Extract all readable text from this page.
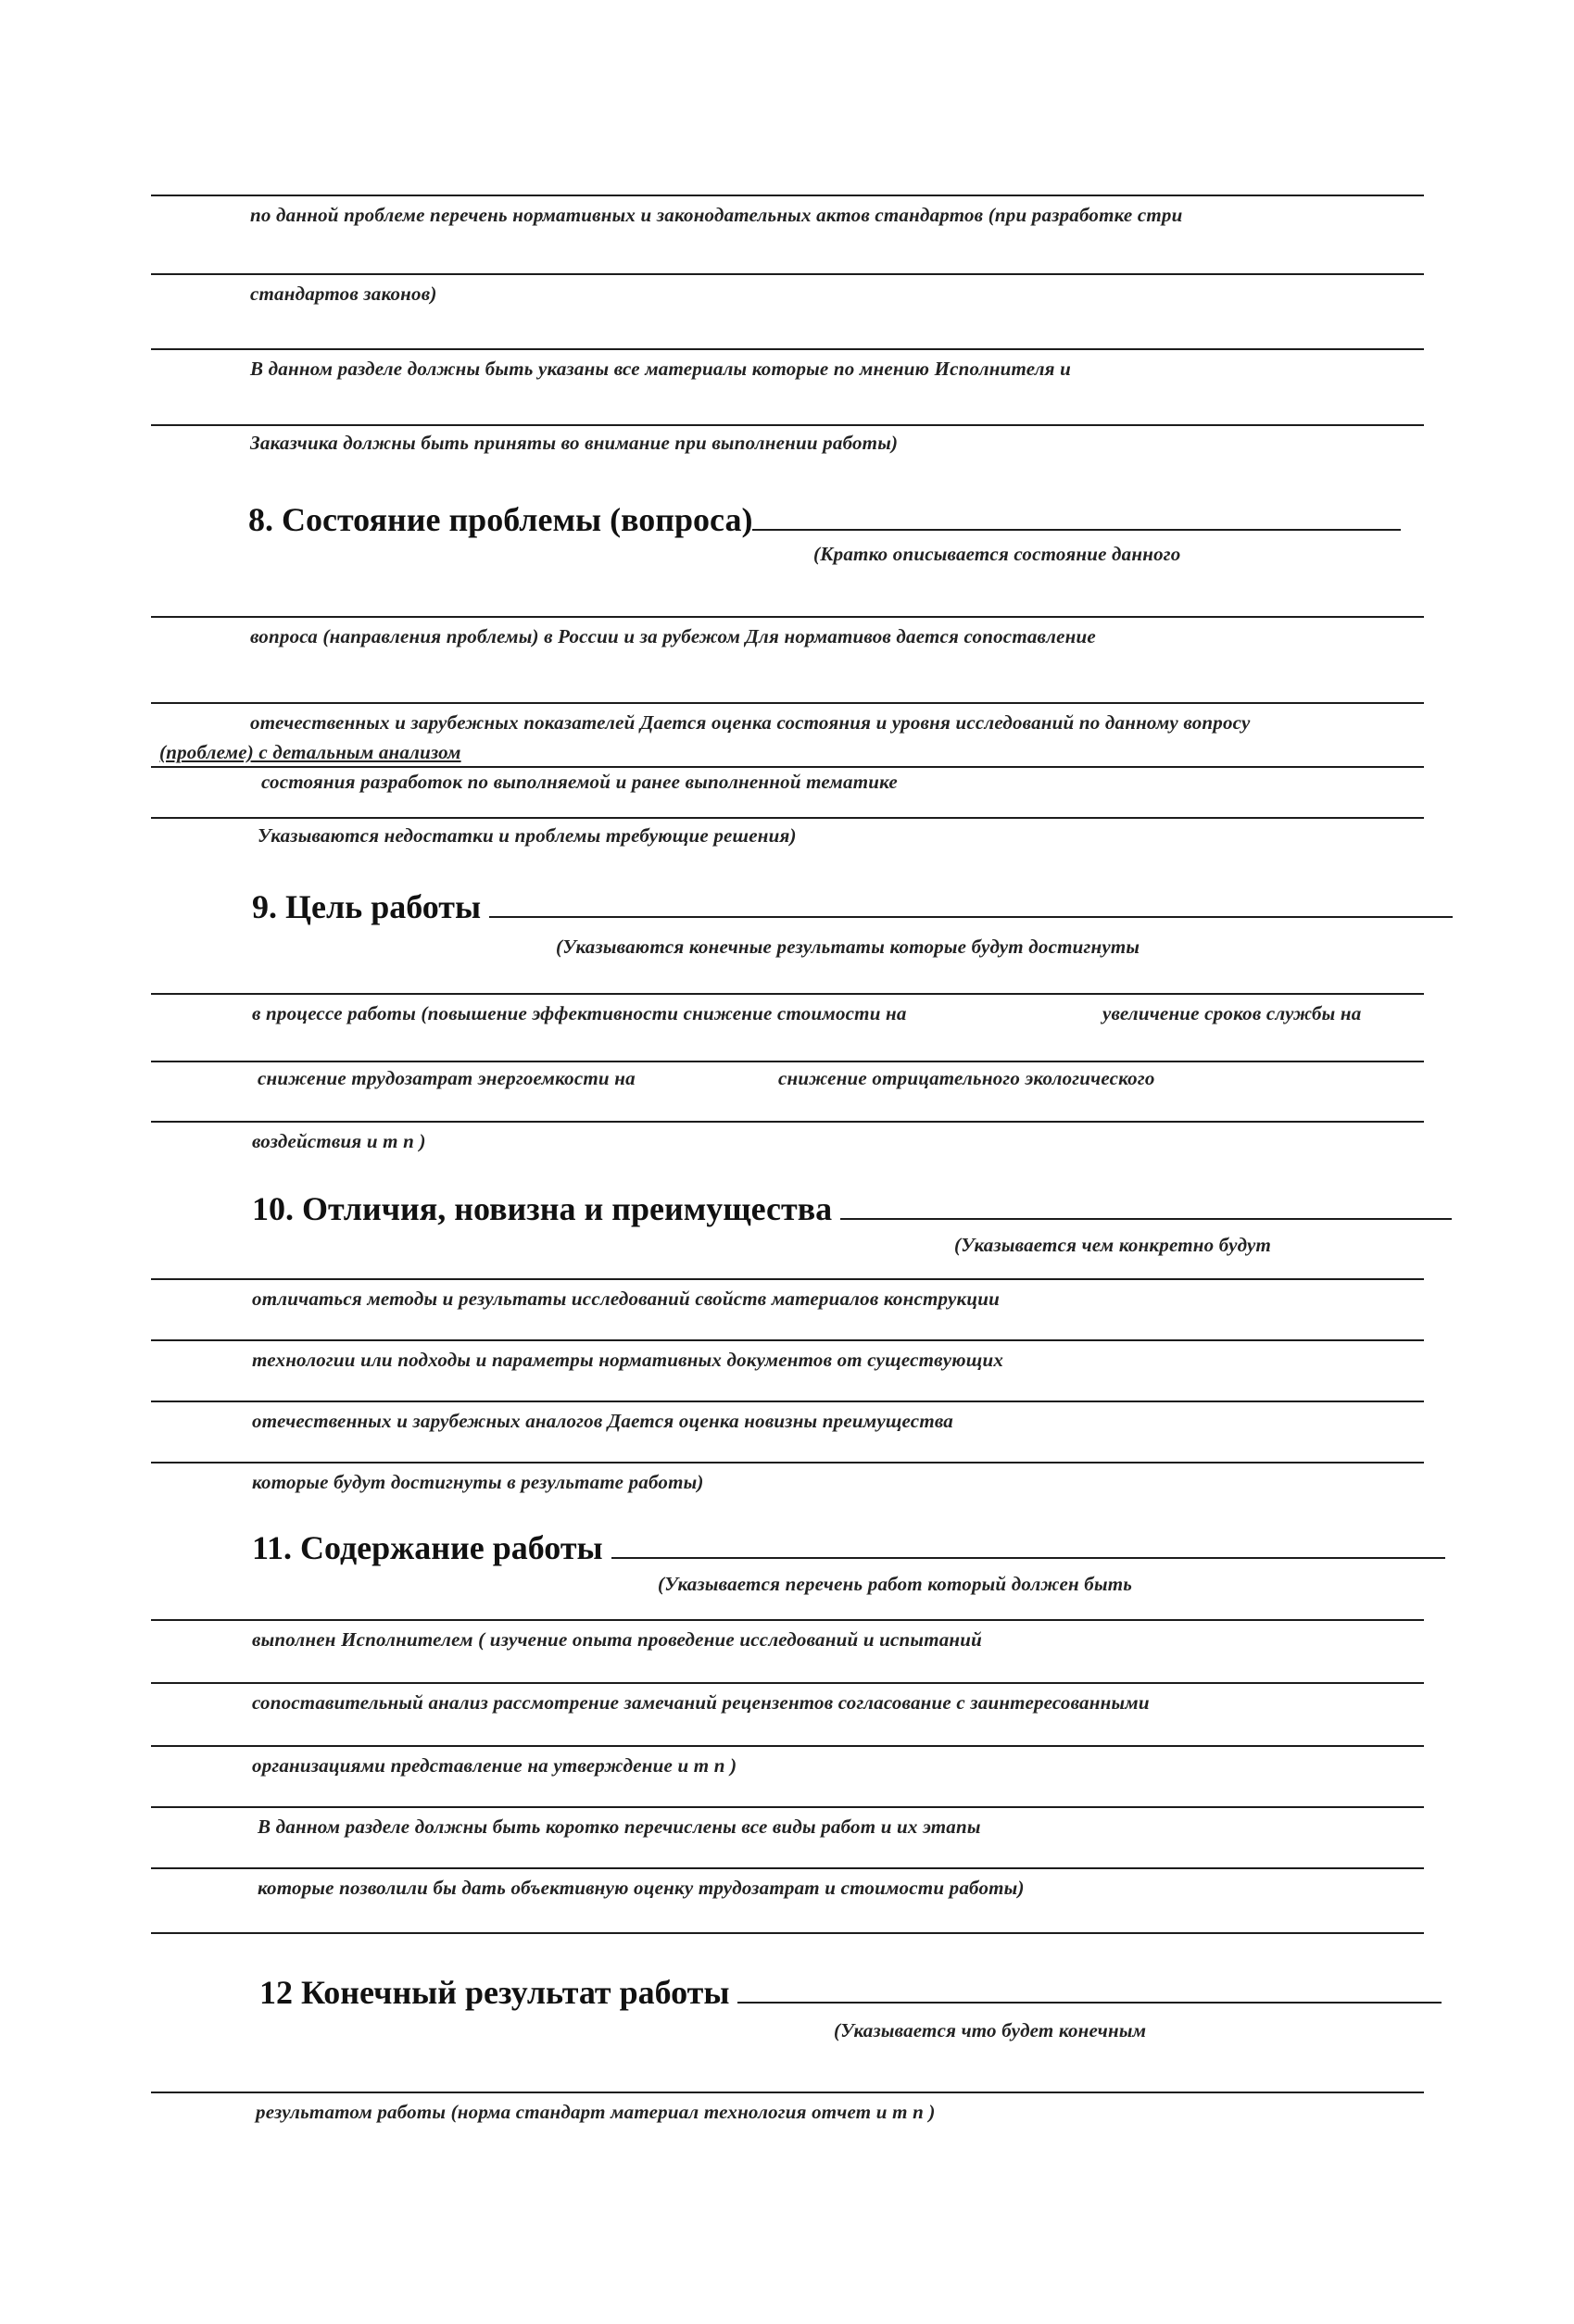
по данной проблеме перечень нормативных и законодательных актов стандартов (при разработке стри
стандартов законов)
В данном разделе должны быть указаны все материалы которые по мнению Исполнителя и
Заказчика должны быть приняты во внимание при выполнении работы)
8. Состояние проблемы (вопроса)
(Кратко описывается состояние данного
вопроса (направления проблемы) в России и за рубежом Для нормативов дается сопоставление
отечественных и зарубежных показателей Дается оценка состояния и уровня исследований по данному вопросу
(проблеме) с детальным анализом
состояния разработок по выполняемой и ранее выполненной тематике
Указываются недостатки и проблемы требующие решения)
9. Цель работы
(Указываются конечные результаты которые будут достигнуты
в процессе работы (повышение эффективности снижение стоимости на	увеличение сроков службы на
снижение трудозатрат энергоемкости на	снижение отрицательного экологического
воздействия и т п )
10. Отличия, новизна и преимущества
(Указывается чем конкретно будут
отличаться методы и результаты исследований свойств материалов конструкции
технологии или подходы и параметры нормативных документов от существующих
отечественных и зарубежных аналогов Дается оценка новизны преимущества
которые будут достигнуты в результате работы)
11. Содержание работы
(Указывается перечень работ который должен быть
выполнен Исполнителем ( изучение опыта проведение исследований и испытаний
сопоставительный анализ рассмотрение замечаний рецензентов согласование с заинтересованными
организациями представление на утверждение и т п )
В данном разделе должны быть коротко перечислены все виды работ и их этапы
которые позволили бы дать объективную оценку трудозатрат и стоимости работы)
12 Конечный результат работы
(Указывается что будет конечным
результатом работы (норма стандарт материал технология отчет и т п )
